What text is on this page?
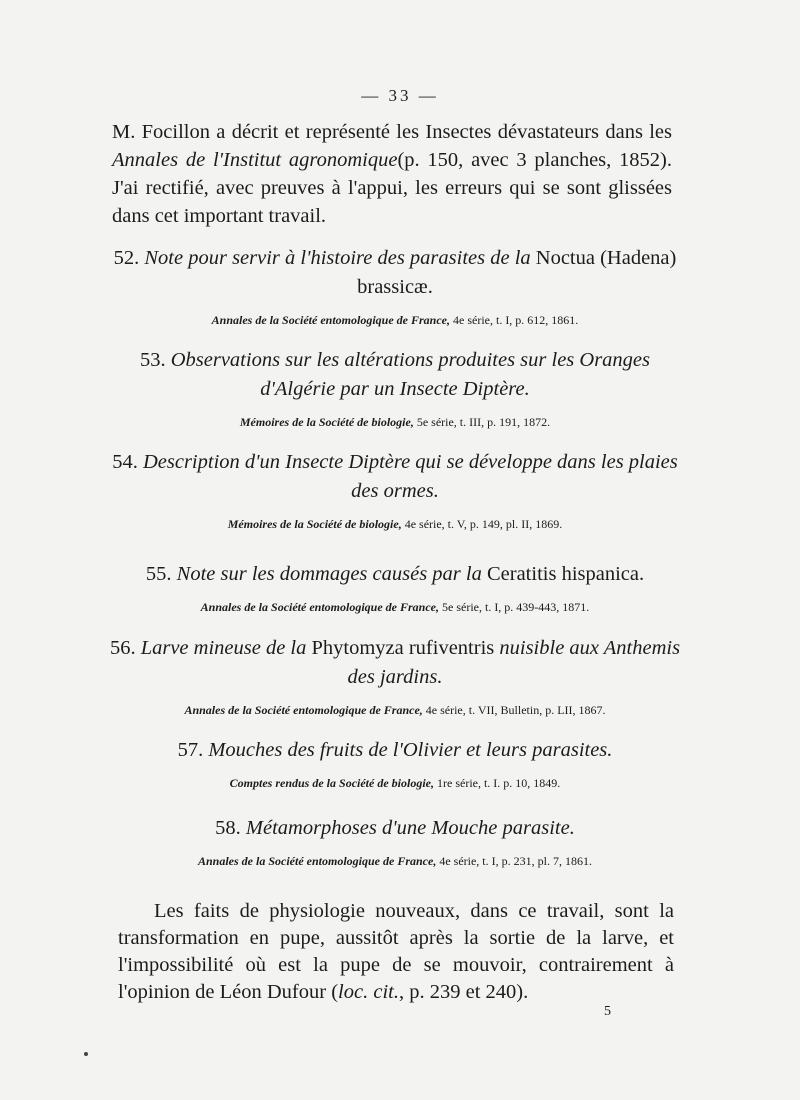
— 33 —

M. Focillon a décrit et représenté les Insectes dévastateurs dans les Annales de l'Institut agronomique(p. 150, avec 3 planches, 1852). J'ai rectifié, avec preuves à l'appui, les erreurs qui se sont glissées dans cet important travail.

52. Note pour servir à l'histoire des parasites de la Noctua (Hadena) brassicæ.
Annales de la Société entomologique de France, 4e série, t. I, p. 612, 1861.
53. Observations sur les altérations produites sur les Oranges d'Algérie par un Insecte Diptère.
Mémoires de la Société de biologie, 5e série, t. III, p. 191, 1872.
54. Description d'un Insecte Diptère qui se développe dans les plaies des ormes.
Mémoires de la Société de biologie, 4e série, t. V, p. 149, pl. II, 1869.
55. Note sur les dommages causés par la Ceratitis hispanica.
Annales de la Société entomologique de France, 5e série, t. I, p. 439-443, 1871.
56. Larve mineuse de la Phytomyza rufiventris nuisible aux Anthemis des jardins.
Annales de la Société entomologique de France, 4e série, t. VII, Bulletin, p. LII, 1867.
57. Mouches des fruits de l'Olivier et leurs parasites.
Comptes rendus de la Société de biologie, 1re série, t. I. p. 10, 1849.
58. Métamorphoses d'une Mouche parasite.
Annales de la Société entomologique de France, 4e série, t. I, p. 231, pl. 7, 1861.

Les faits de physiologie nouveaux, dans ce travail, sont la transformation en pupe, aussitôt après la sortie de la larve, et l'impossibilité où est la pupe de se mouvoir, contrairement à l'opinion de Léon Dufour (loc. cit., p. 239 et 240).

5
